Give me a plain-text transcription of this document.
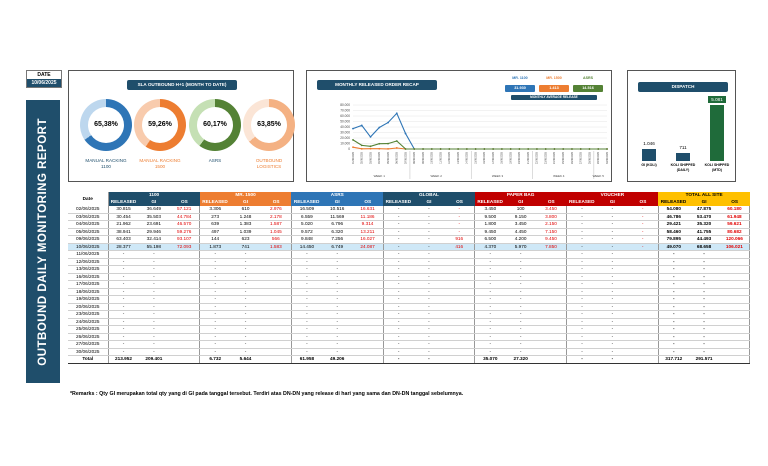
OUTBOUND DAILY MONITORING REPORT
DATE
10/06/2025	SLA OUTBOUND H+1 (MONTH TO DATE)
65,38 %
MANUAL RACKING
1100
59,26 %
MANUAL RACKING
1500
60,17 %
ASRS
63,85 %
OUTBOUND
LOGISTICS
MONTHLY RELEASED ORDER RECAP
MR. 1100
31.930
MR. 1500
1.413
ASRS
14.516
MONTHLY AVERAGE RELEASE
80.000
70.000
60.000
50.000
40.000
30.000
20.000
10.000
0
01/06/2025 02/06/2025 03/06/2025 04/06/2025 05/06/2025 06/06/2025 07/06/2025 08/06/2025 09/06/2025 10/06/2025 11/06/2025 12/06/2025 13/06/2025 14/06/2025 15/06/2025 16/06/2025 17/06/2025 18/06/2025 19/06/2025 20/06/2025 21/06/2025 22/06/2025 23/06/2025 24/06/2025 25/06/2025 26/06/2025 27/06/2025 28/06/2025 29/06/2025 30/06/2025
WEEK 1	WEEK 2	WEEK 3	WEEK 4	WEEK 5
DISPATCH
1.046
GI (KOLI)
711
KOLI SHIPPED (DAILY)
5.081
KOLI SHIPPED (MTD)
Date	1100			MR. 1500			ASRS			GLOBAL			PAPER BAG			VOUCHER			TOTAL ALL SITE		
	RELEASED	GI	OS	RELEASED	GI	OS	RELEASED	GI	OS	RELEASED	GI	OS	RELEASED	GI	OS	RELEASED	GI	OS	RELEASED	GI	OS
02/06/2025	30.815	36.649	57.121	3.306	610	2.976	16.509	10.516	16.631	-	-	-	3.450	100	3.450	-	-	-	54.080	47.875	60.180
03/06/2025	30.454	35.503	44.784	273	1.248	2.178	6.559	11.569	11.186	-	-	-	9.500	9.150	3.800	-	-	-	46.786	53.470	61.948
04/06/2025	21.962	23.691	46.570	639	1.383	1.587	5.020	6.796	9.314	-	-	-	1.800	3.450	2.150	-	-	-	29.421	35.320	59.621
05/06/2025	38.941	29.946	59.276	497	1.039	1.045	9.572	6.320	13.211	-	-	-	9.450	4.450	7.150	-	-	-	58.460	41.755	80.682
09/06/2025	63.403	32.414	93.107	144	623	566	9.848	7.256	16.027	-	-	916	6.500	4.200	9.450	-	-	-	79.895	44.493	120.066
10/06/2025	28.377	55.198	72.093	1.873	741	1.583	14.450	6.749	24.087	-	-	416	4.370	5.970	7.850	-	-	-	49.070	68.658	106.021
11/06/2025	-	-		-	-		-	-		-	-		-	-		-	-		-	-	
12/06/2025	-	-		-	-		-	-		-	-		-	-		-	-		-	-	
13/06/2025	-	-		-	-		-	-		-	-		-	-		-	-		-	-	
16/06/2025	-	-		-	-		-	-		-	-		-	-		-	-		-	-	
17/06/2025	-	-		-	-		-	-		-	-		-	-		-	-		-	-	
18/06/2025	-	-		-	-		-	-		-	-		-	-		-	-		-	-	
19/06/2025	-	-		-	-		-	-		-	-		-	-		-	-		-	-	
20/06/2025	-	-		-	-		-	-		-	-		-	-		-	-		-	-	
23/06/2025	-	-		-	-		-	-		-	-		-	-		-	-		-	-	
24/06/2025	-	-		-	-		-	-		-	-		-	-		-	-		-	-	
25/06/2025	-	-		-	-		-	-		-	-		-	-		-	-		-	-	
26/06/2025	-	-		-	-		-	-		-	-		-	-		-	-		-	-	
27/06/2025	-	-		-	-		-	-		-	-		-	-		-	-		-	-	
30/06/2025	-	-		-	-		-	-		-	-		-	-		-	-		-	-	
Total	213.952	209.401		6.732	5.644		61.958	49.206		-	-		35.070	27.320		-	-		317.712	291.571	
*Remarks : Qty GI merupakan total qty yang di GI pada tanggal tersebut. Terdiri atas DN-DN yang release di hari yang sama dan DN-DN tanggal sebelumnya.
